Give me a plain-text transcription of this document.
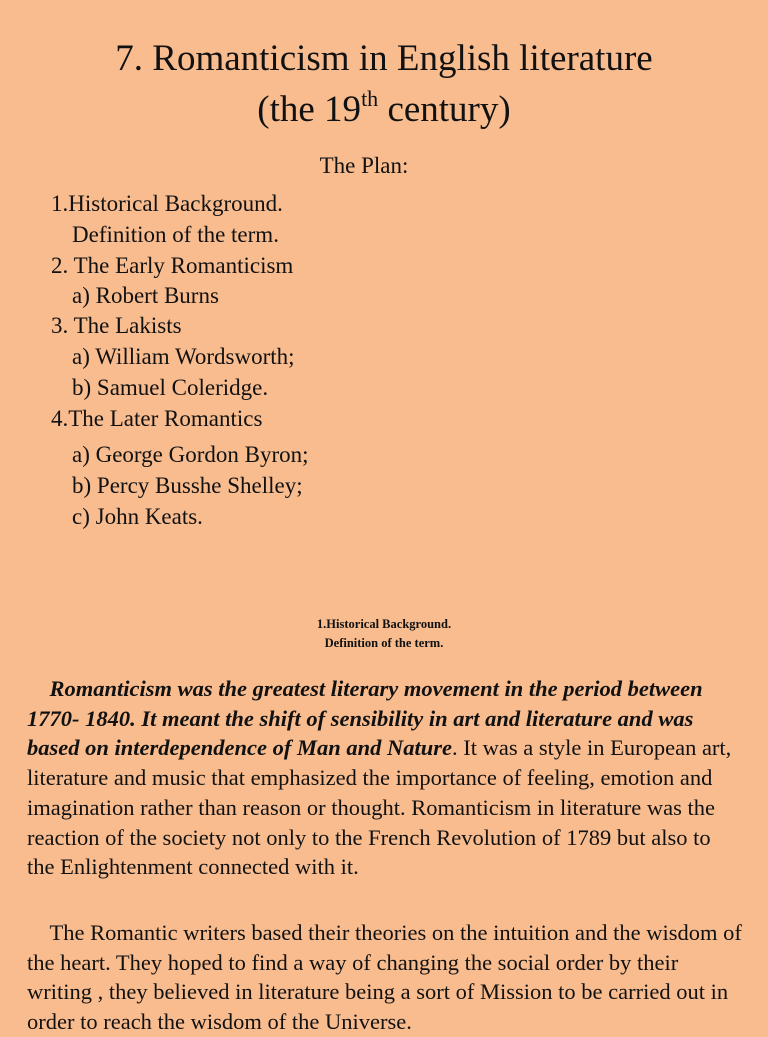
7. Romanticism in English literature
(the 19th century)
The Plan:
1.Historical Background.
Definition of the term.
2. The Early Romanticism
a) Robert Burns
3. The Lakists
a) William Wordsworth;
b) Samuel Coleridge.
4.The Later Romantics
a) George Gordon Byron;
b) Percy Busshe Shelley;
c) John Keats.
1.Historical Background.
Definition of the term.

Romanticism was the greatest literary movement in the period between 1770- 1840. It meant the shift of sensibility in art and literature and was based on interdependence of Man and Nature. It was a style in European art, literature and music that emphasized the importance of feeling, emotion and imagination rather than reason or thought. Romanticism in literature was the reaction of the society not only to the French Revolution of 1789 but also to the Enlightenment connected with it.

The Romantic writers based their theories on the intuition and the wisdom of the heart. They hoped to find a way of changing the social order by their writing , they believed in literature being a sort of Mission to be carried out in order to reach the wisdom of the Universe.
